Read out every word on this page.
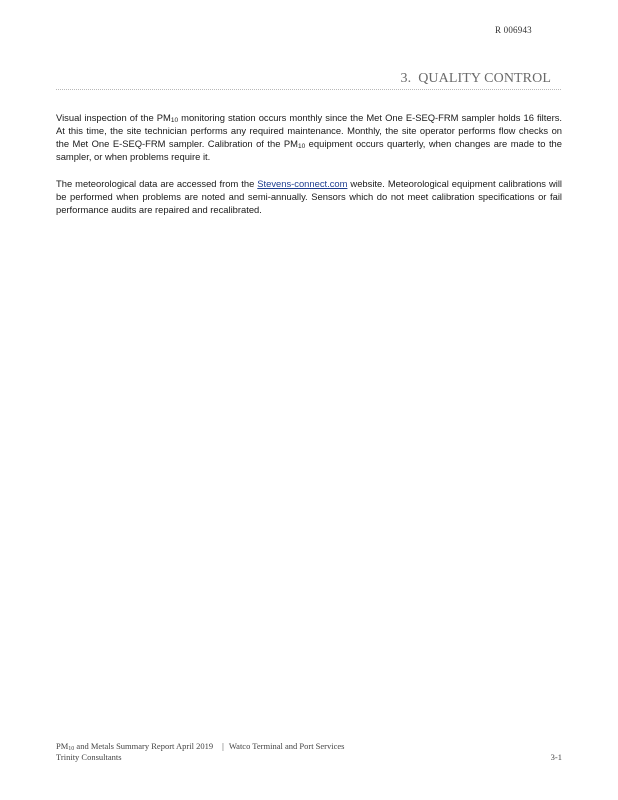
R 006943
3. QUALITY CONTROL

Visual inspection of the $PM_{10}$ monitoring station occurs monthly since the Met One E-SEQ-FRM sampler holds 16 filters. At this time, the site technician performs any required maintenance. Monthly, the site operator performs flow checks on the Met One E-SEQ-FRM sampler. Calibration of the $PM_{10}$ equipment occurs quarterly, when changes are made to the sampler, or when problems require it.

The meteorological data are accessed from the Stevens-connect.com website. Meteorological equipment calibrations will be performed when problems are noted and semi-annually. Sensors which do not meet calibration specifications or fail performance audits are repaired and recalibrated.

$PM_{10}$ and Metals Summary Report April 2019 | Watco Terminal and Port Services
Trinity Consultants	3-1
